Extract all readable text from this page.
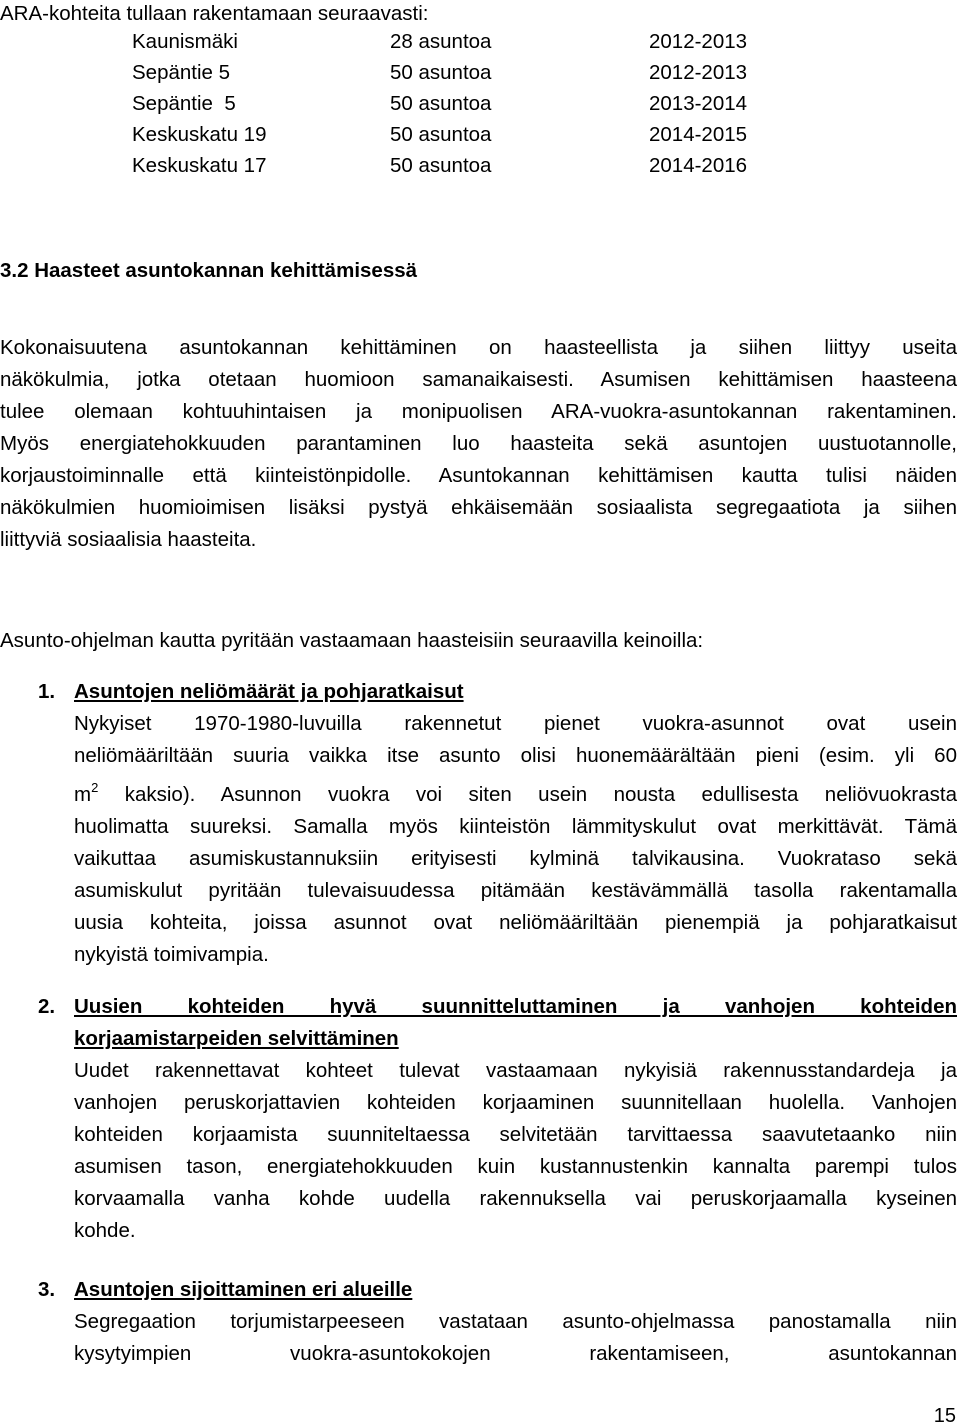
ARA-kohteita tullaan rakentamaan seuraavasti:
Kaunismäki	28 asuntoa	2012-2013
Sepäntie 5	50 asuntoa	2012-2013
Sepäntie  5	50 asuntoa	2013-2014
Keskuskatu 19	50 asuntoa	2014-2015
Keskuskatu 17	50 asuntoa	2014-2016
3.2 Haasteet asuntokannan kehittämisessä
Kokonaisuutena asuntokannan kehittäminen on haasteellista ja siihen liittyy useita
näkökulmia, jotka otetaan huomioon samanaikaisesti. Asumisen kehittämisen haasteena
tulee olemaan kohtuuhintaisen ja monipuolisen ARA-vuokra-asuntokannan rakentaminen.
Myös energiatehokkuuden parantaminen luo haasteita sekä asuntojen uustuotannolle,
korjaustoiminnalle että kiinteistönpidolle. Asuntokannan kehittämisen kautta tulisi näiden
näkökulmien huomioimisen lisäksi pystyä ehkäisemään sosiaalista segregaatiota ja siihen
liittyviä sosiaalisia haasteita.
Asunto-ohjelman kautta pyritään vastaamaan haasteisiin seuraavilla keinoilla:
1. Asuntojen neliömäärät ja pohjaratkaisut
Nykyiset 1970-1980-luvuilla rakennetut pienet vuokra-asunnot ovat usein
neliömääriltään suuria vaikka itse asunto olisi huonemäärältään pieni (esim. yli 60
$m^2$ kaksio). Asunnon vuokra voi siten usein nousta edullisesta neliövuokrasta
huolimatta suureksi. Samalla myös kiinteistön lämmityskulut ovat merkittävät. Tämä
vaikuttaa asumiskustannuksiin erityisesti kylminä talvikausina. Vuokrataso sekä
asumiskulut pyritään tulevaisuudessa pitämään kestävämmällä tasolla rakentamalla
uusia kohteita, joissa asunnot ovat neliömääriltään pienempiä ja pohjaratkaisut
nykyistä toimivampia.
2. Uusien kohteiden hyvä suunnitteluttaminen ja vanhojen kohteiden
korjaamistarpeiden selvittäminen
Uudet rakennettavat kohteet tulevat vastaamaan nykyisiä rakennusstandardeja ja
vanhojen peruskorjattavien kohteiden korjaaminen suunnitellaan huolella. Vanhojen
kohteiden korjaamista suunniteltaessa selvitetään tarvittaessa saavutetaanko niin
asumisen tason, energiatehokkuuden kuin kustannustenkin kannalta parempi tulos
korvaamalla vanha kohde uudella rakennuksella vai peruskorjaamalla kyseinen
kohde.
3. Asuntojen sijoittaminen eri alueille
Segregaation torjumistarpeeseen vastataan asunto-ohjelmassa panostamalla niin
kysytyimpien vuokra-asuntokokojen rakentamiseen, asuntokannan
15
